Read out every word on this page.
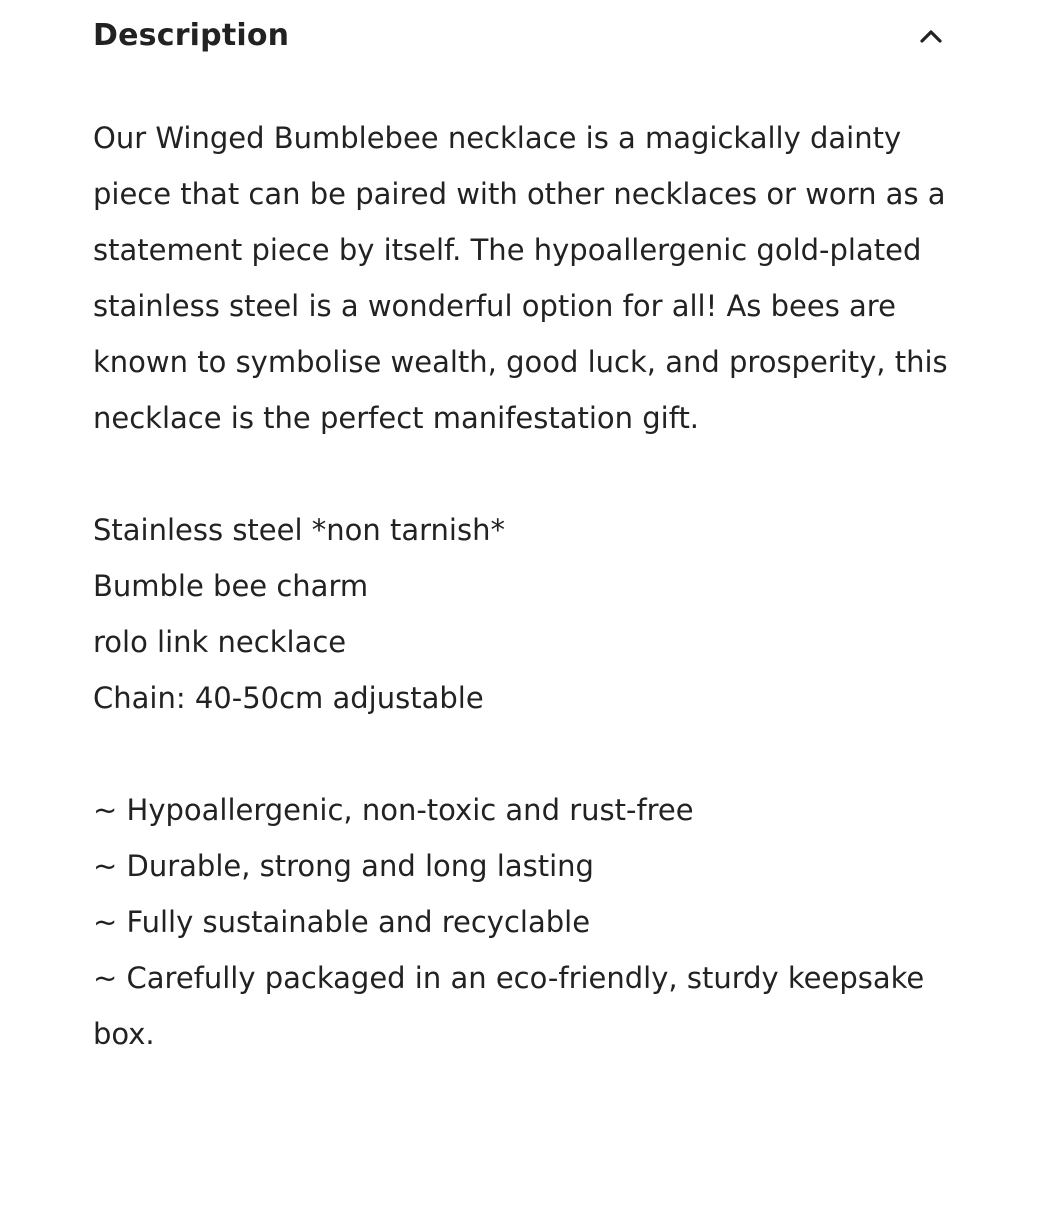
Description

Our Winged Bumblebee necklace is a magickally dainty piece that can be paired with other necklaces or worn as a statement piece by itself. The hypoallergenic gold-plated stainless steel is a wonderful option for all! As bees are known to symbolise wealth, good luck, and prosperity, this necklace is the perfect manifestation gift.

Stainless steel *non tarnish*

Bumble bee charm

rolo link necklace

Chain: 40-50cm adjustable

~ Hypoallergenic, non-toxic and rust-free

~ Durable, strong and long lasting

~ Fully sustainable and recyclable

~ Carefully packaged in an eco-friendly, sturdy keepsake box.
